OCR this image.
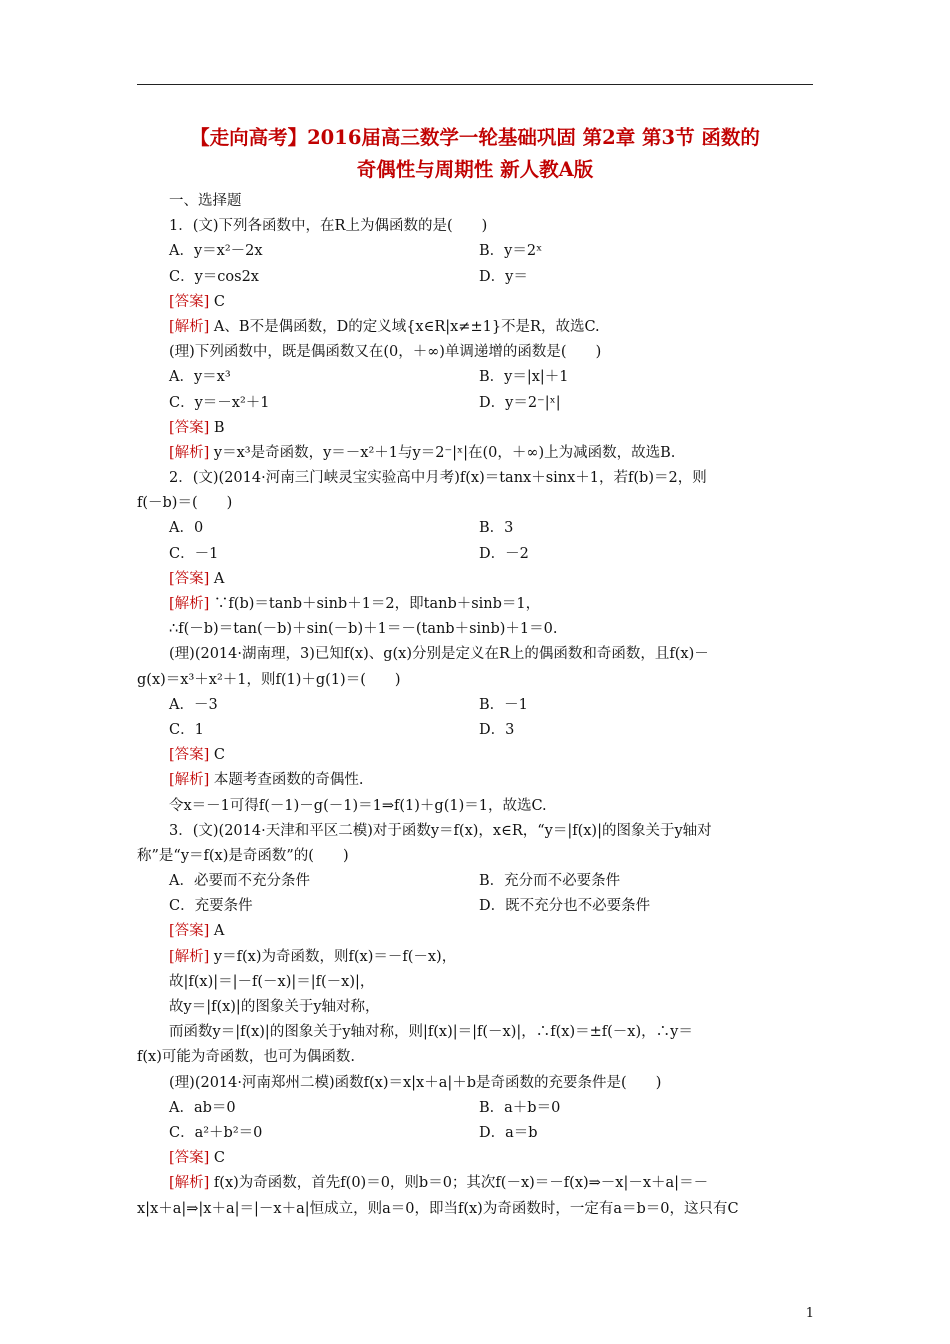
【走向高考】2016届高三数学一轮基础巩固 第2章 第3节 函数的
奇偶性与周期性 新人教A版
一、选择题
1．(文)下列各函数中，在R上为偶函数的是(　　)
A．y＝x²－2x	B．y＝2ˣ
C．y＝cos2x	D．y＝
[答案] C
[解析] A、B不是偶函数，D的定义域{x∈R|x≠±1}不是R，故选C.
(理)下列函数中，既是偶函数又在(0，＋∞)单调递增的函数是(　　)
A．y＝x³	B．y＝|x|＋1
C．y＝－x²＋1	D．y＝2⁻|ˣ|
[答案] B
[解析] y＝x³是奇函数，y＝－x²＋1与y＝2⁻|ˣ|在(0，＋∞)上为减函数，故选B.
2．(文)(2014·河南三门峡灵宝实验高中月考)f(x)＝tanx＋sinx＋1，若f(b)＝2，则
f(－b)＝(　　)
A．0	B．3
C．－1	D．－2
[答案] A
[解析] ∵f(b)＝tanb＋sinb＋1＝2，即tanb＋sinb＝1，
∴f(－b)＝tan(－b)＋sin(－b)＋1＝－(tanb＋sinb)＋1＝0.
(理)(2014·湖南理，3)已知f(x)、g(x)分别是定义在R上的偶函数和奇函数，且f(x)－
g(x)＝x³＋x²＋1，则f(1)＋g(1)＝(　　)
A．－3	B．－1
C．1	D．3
[答案] C
[解析] 本题考查函数的奇偶性.
令x＝－1可得f(－1)－g(－1)＝1⇒f(1)＋g(1)＝1，故选C.
3．(文)(2014·天津和平区二模)对于函数y＝f(x)，x∈R，“y＝|f(x)|的图象关于y轴对
称”是“y＝f(x)是奇函数”的(　　)
A．必要而不充分条件	B．充分而不必要条件
C．充要条件	D．既不充分也不必要条件
[答案] A
[解析] y＝f(x)为奇函数，则f(x)＝－f(－x)，
故|f(x)|＝|－f(－x)|＝|f(－x)|，
故y＝|f(x)|的图象关于y轴对称，
而函数y＝|f(x)|的图象关于y轴对称，则|f(x)|＝|f(－x)|，∴f(x)＝±f(－x)，∴y＝
f(x)可能为奇函数，也可为偶函数.
(理)(2014·河南郑州二模)函数f(x)＝x|x＋a|＋b是奇函数的充要条件是(　　)
A．ab＝0	B．a＋b＝0
C．a²＋b²＝0	D．a＝b
[答案] C
[解析] f(x)为奇函数，首先f(0)＝0，则b＝0；其次f(－x)＝－f(x)⇒－x|－x＋a|＝－
x|x＋a|⇒|x＋a|＝|－x＋a|恒成立，则a＝0，即当f(x)为奇函数时，一定有a＝b＝0，这只有C
1
